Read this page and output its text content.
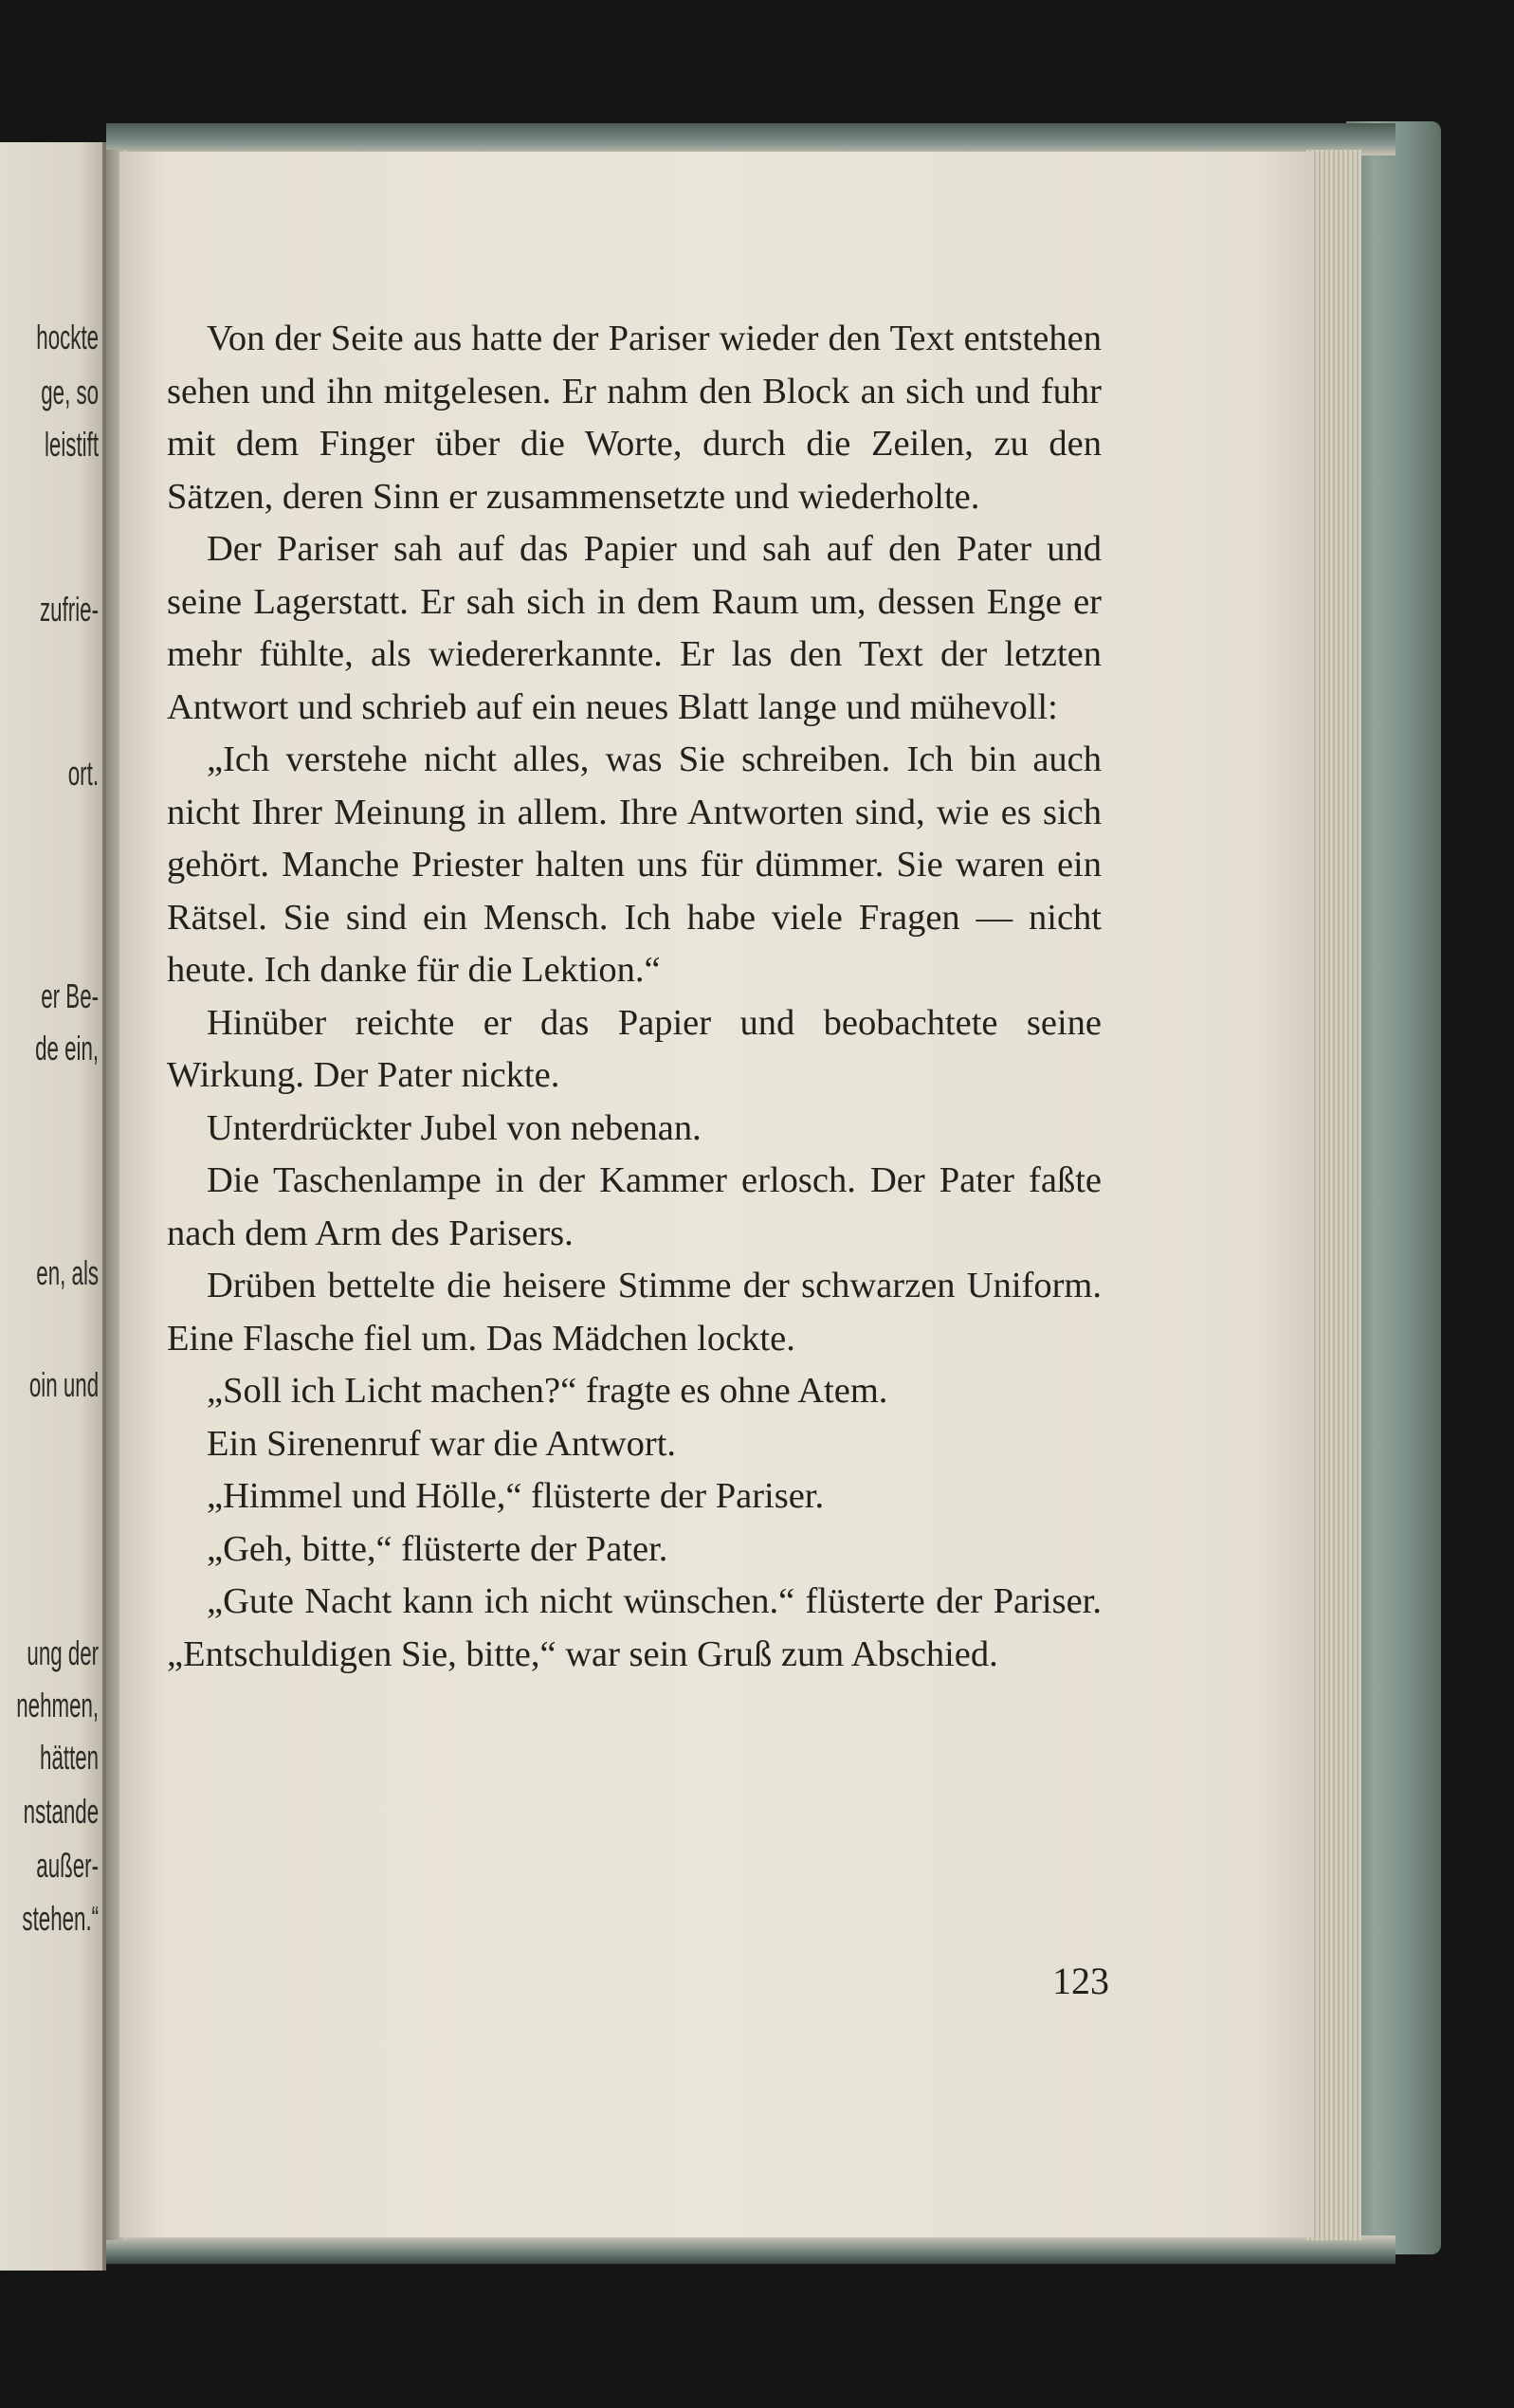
hockte
ge, so
leistift
zufrie-
ort.
er Be-
de ein,
en, als
oin und
ung der
nehmen,
hätten
nstande
außer-
stehen.“

Von der Seite aus hatte der Pariser wieder den Text entstehen sehen und ihn mitgelesen. Er nahm den Block an sich und fuhr mit dem Finger über die Worte, durch die Zeilen, zu den Sätzen, deren Sinn er zusammensetzte und wiederholte.

Der Pariser sah auf das Papier und sah auf den Pater und seine Lagerstatt. Er sah sich in dem Raum um, dessen Enge er mehr fühlte, als wiedererkannte. Er las den Text der letzten Antwort und schrieb auf ein neues Blatt lange und mühevoll:

„Ich verstehe nicht alles, was Sie schreiben. Ich bin auch nicht Ihrer Meinung in allem. Ihre Antworten sind, wie es sich gehört. Manche Priester halten uns für dümmer. Sie waren ein Rätsel. Sie sind ein Mensch. Ich habe viele Fragen — nicht heute. Ich danke für die Lektion.“

Hinüber reichte er das Papier und beobachtete seine Wirkung. Der Pater nickte.

Unterdrückter Jubel von nebenan.

Die Taschenlampe in der Kammer erlosch. Der Pater faßte nach dem Arm des Parisers.

Drüben bettelte die heisere Stimme der schwarzen Uniform. Eine Flasche fiel um. Das Mädchen lockte.

„Soll ich Licht machen?“ fragte es ohne Atem.

Ein Sirenenruf war die Antwort.

„Himmel und Hölle,“ flüsterte der Pariser.

„Geh, bitte,“ flüsterte der Pater.

„Gute Nacht kann ich nicht wünschen.“ flüsterte der Pariser. „Entschuldigen Sie, bitte,“ war sein Gruß zum Abschied.

123
